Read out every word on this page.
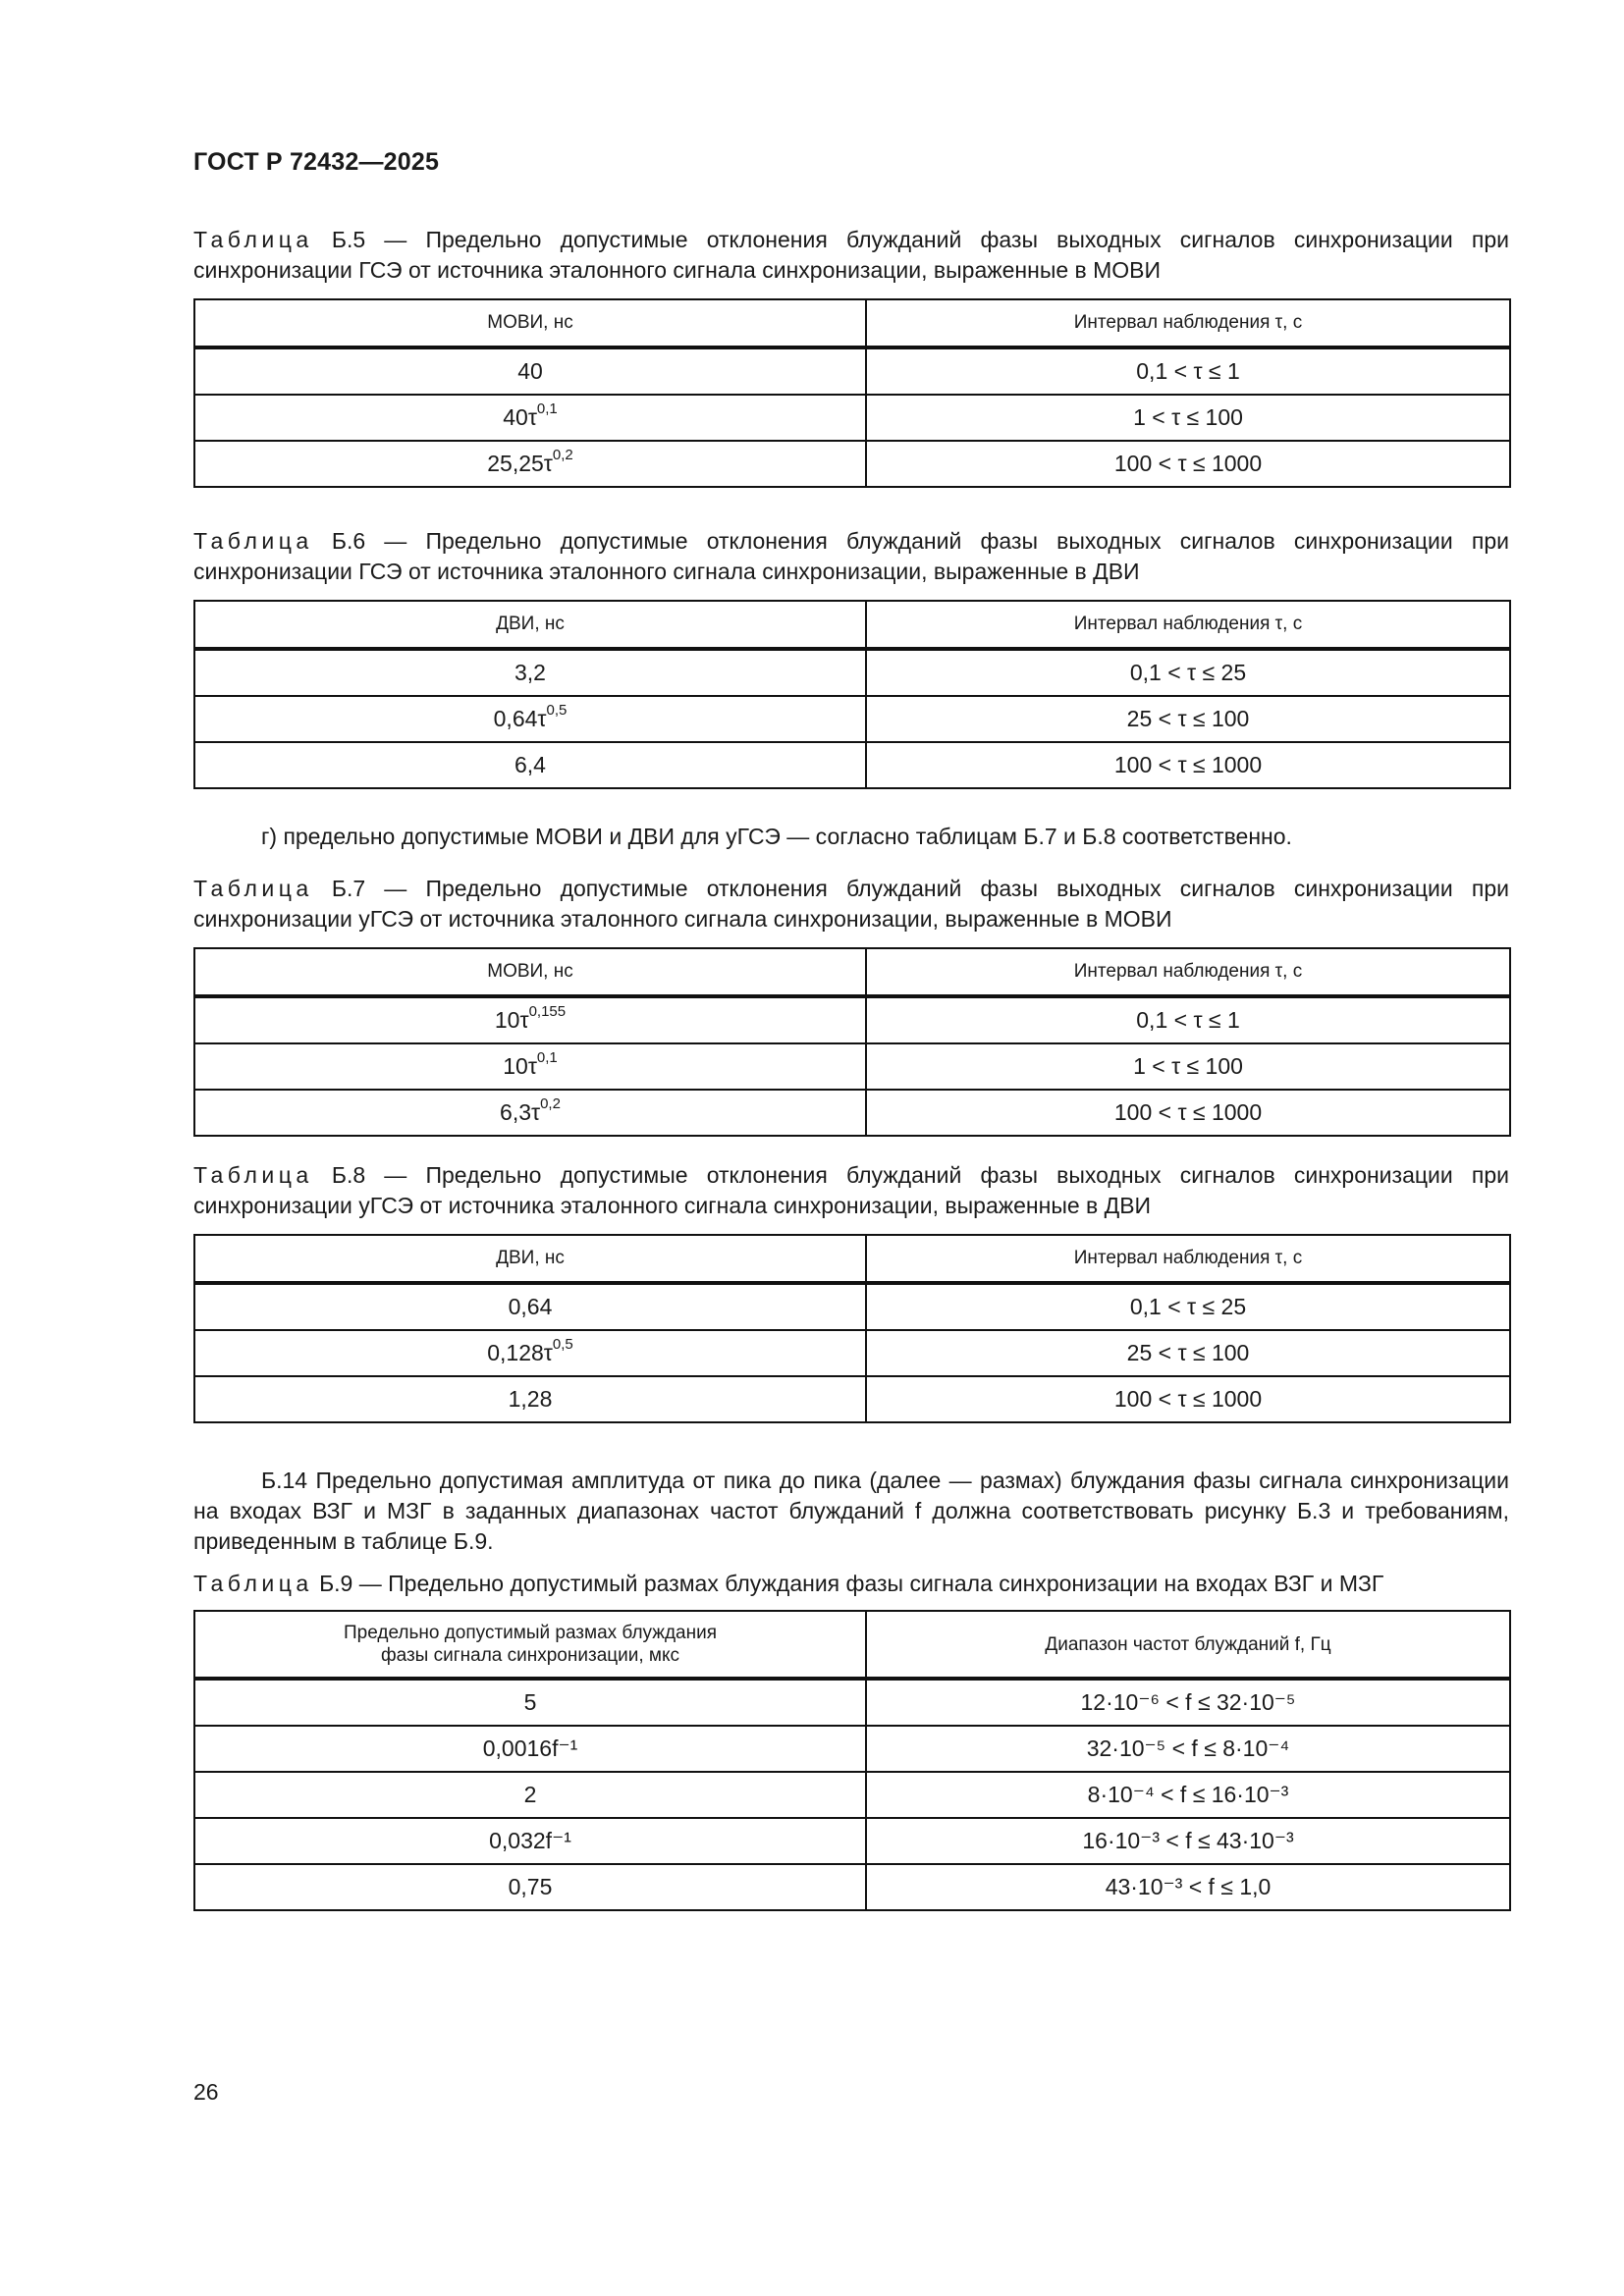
ГОСТ Р 72432—2025
Таблица Б.5 — Предельно допустимые отклонения блужданий фазы выходных сигналов синхронизации при синхронизации ГСЭ от источника эталонного сигнала синхронизации, выраженные в МОВИ
МОВИ, нс	Интервал наблюдения τ, с
40	0,1 < τ ≤ 1
$40\tau^{0,1}$	1 < τ ≤ 100
$25,25\tau^{0,2}$	100 < τ ≤ 1000
Таблица Б.6 — Предельно допустимые отклонения блужданий фазы выходных сигналов синхронизации при синхронизации ГСЭ от источника эталонного сигнала синхронизации, выраженные в ДВИ
ДВИ, нс	Интервал наблюдения τ, с
3,2	0,1 < τ ≤ 25
$0,64\tau^{0,5}$	25 < τ ≤ 100
6,4	100 < τ ≤ 1000
г) предельно допустимые МОВИ и ДВИ для уГСЭ — согласно таблицам Б.7 и Б.8 соответственно.
Таблица Б.7 — Предельно допустимые отклонения блужданий фазы выходных сигналов синхронизации при синхронизации уГСЭ от источника эталонного сигнала синхронизации, выраженные в МОВИ
МОВИ, нс	Интервал наблюдения τ, с
$10\tau^{0,155}$	0,1 < τ ≤ 1
$10\tau^{0,1}$	1 < τ ≤ 100
$6,3\tau^{0,2}$	100 < τ ≤ 1000
Таблица Б.8 — Предельно допустимые отклонения блужданий фазы выходных сигналов синхронизации при синхронизации уГСЭ от источника эталонного сигнала синхронизации, выраженные в ДВИ
ДВИ, нс	Интервал наблюдения τ, с
0,64	0,1 < τ ≤ 25
$0,128\tau^{0,5}$	25 < τ ≤ 100
1,28	100 < τ ≤ 1000
Б.14 Предельно допустимая амплитуда от пика до пика (далее — размах) блуждания фазы сигнала синхронизации на входах ВЗГ и МЗГ в заданных диапазонах частот блужданий f должна соответствовать рисунку Б.3 и требованиям, приведенным в таблице Б.9.
Таблица Б.9 — Предельно допустимый размах блуждания фазы сигнала синхронизации на входах ВЗГ и МЗГ
Предельно допустимый размах блуждания
фазы сигнала синхронизации, мкс	Диапазон частот блужданий f, Гц
5	12·10⁻⁶ < f ≤ 32·10⁻⁵
0,0016f⁻¹	32·10⁻⁵ < f ≤ 8·10⁻⁴
2	8·10⁻⁴ < f ≤ 16·10⁻³
0,032f⁻¹	16·10⁻³ < f ≤ 43·10⁻³
0,75	43·10⁻³ < f ≤ 1,0
26
